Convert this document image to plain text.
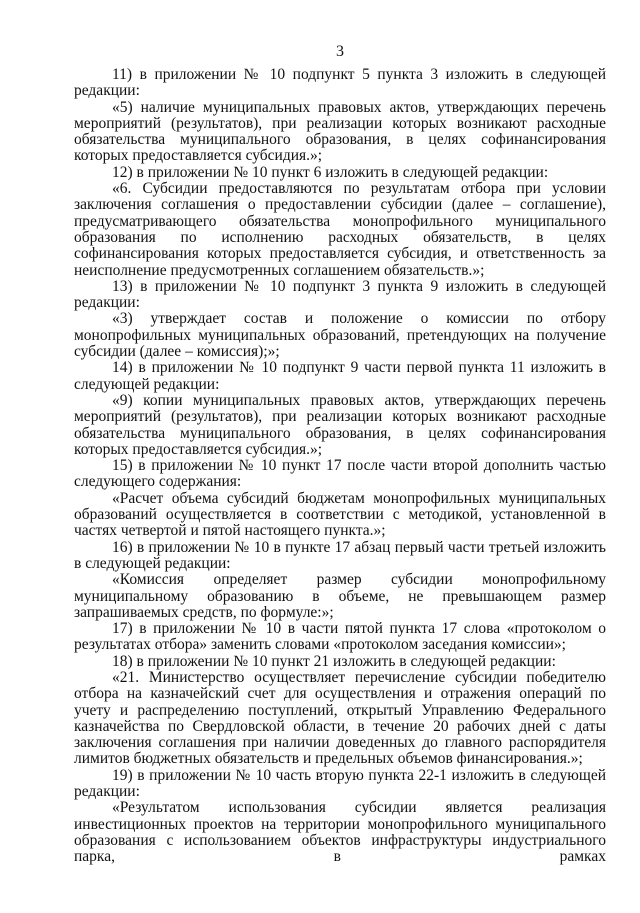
3

11) в приложении № 10 подпункт 5 пункта 3 изложить в следующей редакции:

«5) наличие муниципальных правовых актов, утверждающих перечень мероприятий (результатов), при реализации которых возникают расходные обязательства муниципального образования, в целях софинансирования которых предоставляется субсидия.»;

12) в приложении № 10 пункт 6 изложить в следующей редакции:

«6. Субсидии предоставляются по результатам отбора при условии заключения соглашения о предоставлении субсидии (далее – соглашение), предусматривающего обязательства монопрофильного муниципального образования по исполнению расходных обязательств, в целях софинансирования которых предоставляется субсидия, и ответственность за неисполнение предусмотренных соглашением обязательств.»;

13) в приложении № 10 подпункт 3 пункта 9 изложить в следующей редакции:

«3) утверждает состав и положение о комиссии по отбору монопрофильных муниципальных образований, претендующих на получение субсидии (далее – комиссия);»;

14) в приложении № 10 подпункт 9 части первой пункта 11 изложить в следующей редакции:

«9) копии муниципальных правовых актов, утверждающих перечень мероприятий (результатов), при реализации которых возникают расходные обязательства муниципального образования, в целях софинансирования которых предоставляется субсидия.»;

15) в приложении № 10 пункт 17 после части второй дополнить частью следующего содержания:

«Расчет объема субсидий бюджетам монопрофильных муниципальных образований осуществляется в соответствии с методикой, установленной в частях четвертой и пятой настоящего пункта.»;

16) в приложении № 10 в пункте 17 абзац первый части третьей изложить в следующей редакции:

«Комиссия определяет размер субсидии монопрофильному муниципальному образованию в объеме, не превышающем размер запрашиваемых средств, по формуле:»;

17) в приложении № 10 в части пятой пункта 17 слова «протоколом о результатах отбора» заменить словами «протоколом заседания комиссии»;

18) в приложении № 10 пункт 21 изложить в следующей редакции:

«21. Министерство осуществляет перечисление субсидии победителю отбора на казначейский счет для осуществления и отражения операций по учету и распределению поступлений, открытый Управлению Федерального казначейства по Свердловской области, в течение 20 рабочих дней с даты заключения соглашения при наличии доведенных до главного распорядителя лимитов бюджетных обязательств и предельных объемов финансирования.»;

19) в приложении № 10 часть вторую пункта 22-1 изложить в следующей редакции:

«Результатом использования субсидии является реализация инвестиционных проектов на территории монопрофильного муниципального образования с использованием объектов инфраструктуры индустриального парка, в рамках
